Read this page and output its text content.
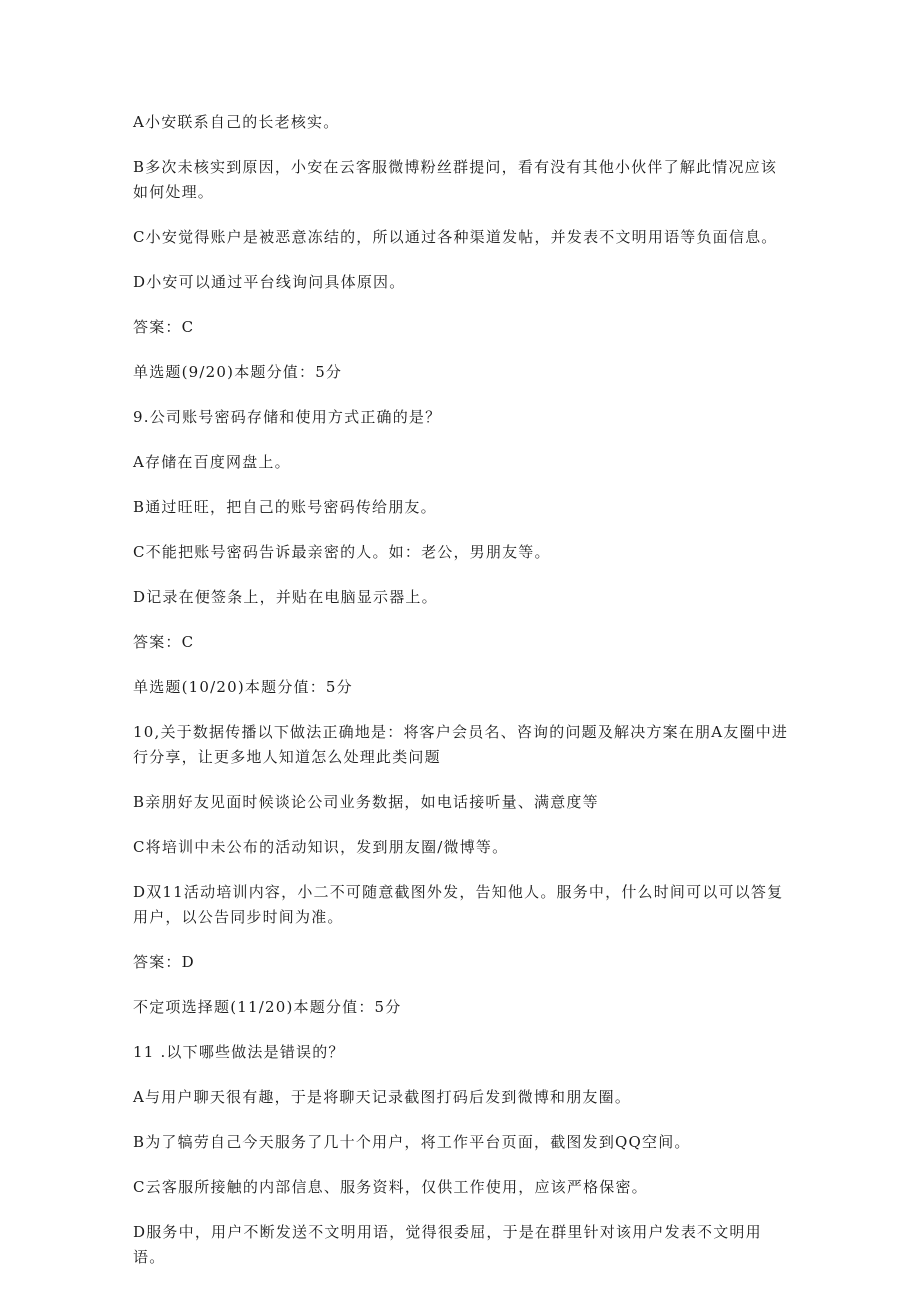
A小安联系自己的长老核实。

B多次未核实到原因，小安在云客服微博粉丝群提问，看有没有其他小伙伴了解此情况应该如何处理。

C小安觉得账户是被恶意冻结的，所以通过各种渠道发帖，并发表不文明用语等负面信息。

D小安可以通过平台线询问具体原因。

答案：C

单选题(9/20)本题分值：5分

9.公司账号密码存储和使用方式正确的是？

A存储在百度网盘上。

B通过旺旺，把自己的账号密码传给朋友。

C不能把账号密码告诉最亲密的人。如：老公，男朋友等。

D记录在便签条上，并贴在电脑显示器上。

答案：C

单选题(10/20)本题分值：5分

10,关于数据传播以下做法正确地是：将客户会员名、咨询的问题及解决方案在朋A友圈中进行分享，让更多地人知道怎么处理此类问题

B亲朋好友见面时候谈论公司业务数据，如电话接听量、满意度等

C将培训中未公布的活动知识，发到朋友圈/微博等。

D双11活动培训内容，小二不可随意截图外发，告知他人。服务中，什么时间可以可以答复用户，以公告同步时间为准。

答案：D

不定项选择题(11/20)本题分值：5分

11 .以下哪些做法是错误的？

A与用户聊天很有趣，于是将聊天记录截图打码后发到微博和朋友圈。

B为了犒劳自己今天服务了几十个用户，将工作平台页面，截图发到QQ空间。

C云客服所接触的内部信息、服务资料，仅供工作使用，应该严格保密。

D服务中，用户不断发送不文明用语，觉得很委屈，于是在群里针对该用户发表不文明用语。
